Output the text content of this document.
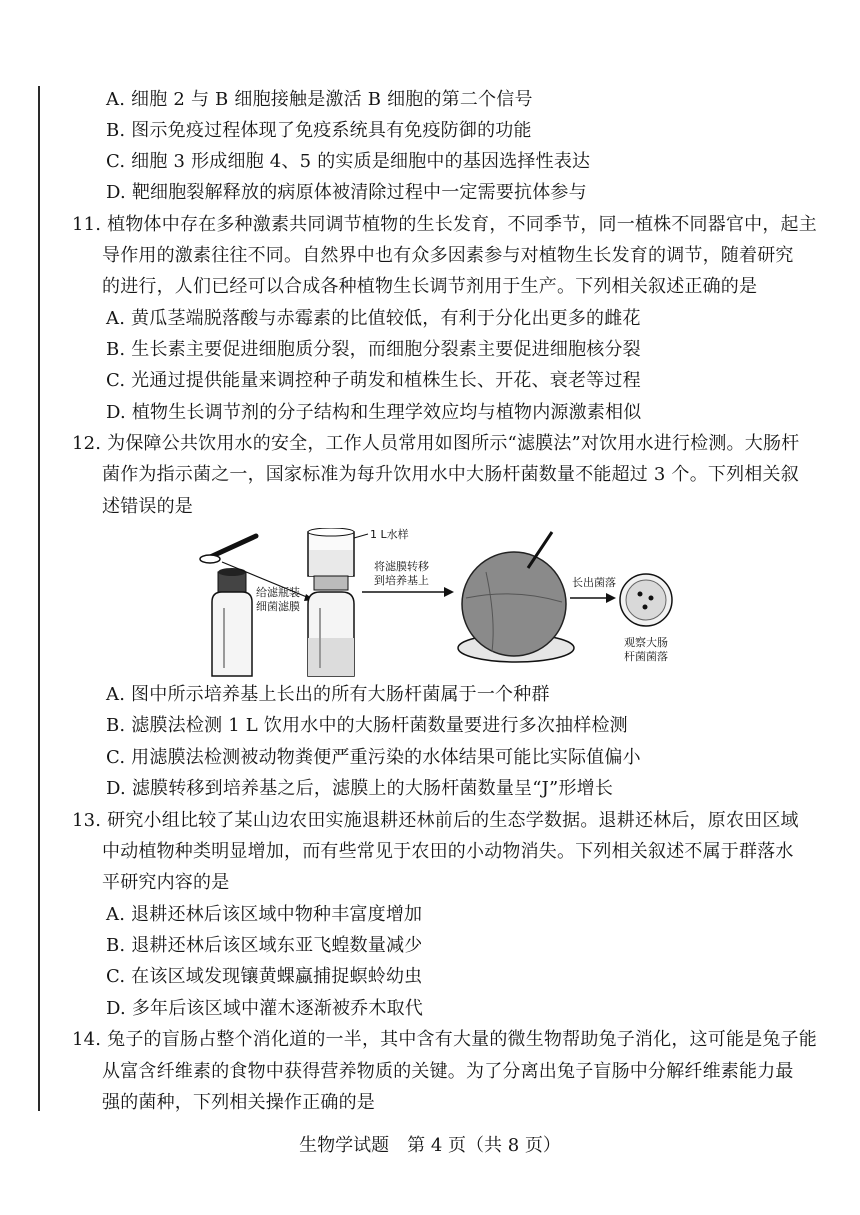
A. 细胞 2 与 B 细胞接触是激活 B 细胞的第二个信号
B. 图示免疫过程体现了免疫系统具有免疫防御的功能
C. 细胞 3 形成细胞 4、5 的实质是细胞中的基因选择性表达
D. 靶细胞裂解释放的病原体被清除过程中一定需要抗体参与
11. 植物体中存在多种激素共同调节植物的生长发育，不同季节，同一植株不同器官中，起主
导作用的激素往往不同。自然界中也有众多因素参与对植物生长发育的调节，随着研究
的进行，人们已经可以合成各种植物生长调节剂用于生产。下列相关叙述正确的是
A. 黄瓜茎端脱落酸与赤霉素的比值较低，有利于分化出更多的雌花
B. 生长素主要促进细胞质分裂，而细胞分裂素主要促进细胞核分裂
C. 光通过提供能量来调控种子萌发和植株生长、开花、衰老等过程
D. 植物生长调节剂的分子结构和生理学效应均与植物内源激素相似
12. 为保障公共饮用水的安全，工作人员常用如图所示“滤膜法”对饮用水进行检测。大肠杆
菌作为指示菌之一，国家标准为每升饮用水中大肠杆菌数量不能超过 3 个。下列相关叙
述错误的是
给滤瓶装
细菌滤膜
1 L水样
将滤膜转移
到培养基上	长出菌落
观察大肠
杆菌菌落
A. 图中所示培养基上长出的所有大肠杆菌属于一个种群
B. 滤膜法检测 1 L 饮用水中的大肠杆菌数量要进行多次抽样检测
C. 用滤膜法检测被动物粪便严重污染的水体结果可能比实际值偏小
D. 滤膜转移到培养基之后，滤膜上的大肠杆菌数量呈“J”形增长
13. 研究小组比较了某山边农田实施退耕还林前后的生态学数据。退耕还林后，原农田区域
中动植物种类明显增加，而有些常见于农田的小动物消失。下列相关叙述不属于群落水
平研究内容的是
A. 退耕还林后该区域中物种丰富度增加
B. 退耕还林后该区域东亚飞蝗数量减少
C. 在该区域发现镶黄蜾蠃捕捉螟蛉幼虫
D. 多年后该区域中灌木逐渐被乔木取代
14. 兔子的盲肠占整个消化道的一半，其中含有大量的微生物帮助兔子消化，这可能是兔子能
从富含纤维素的食物中获得营养物质的关键。为了分离出兔子盲肠中分解纤维素能力最
强的菌种，下列相关操作正确的是
生物学试题　第 4 页（共 8 页）
